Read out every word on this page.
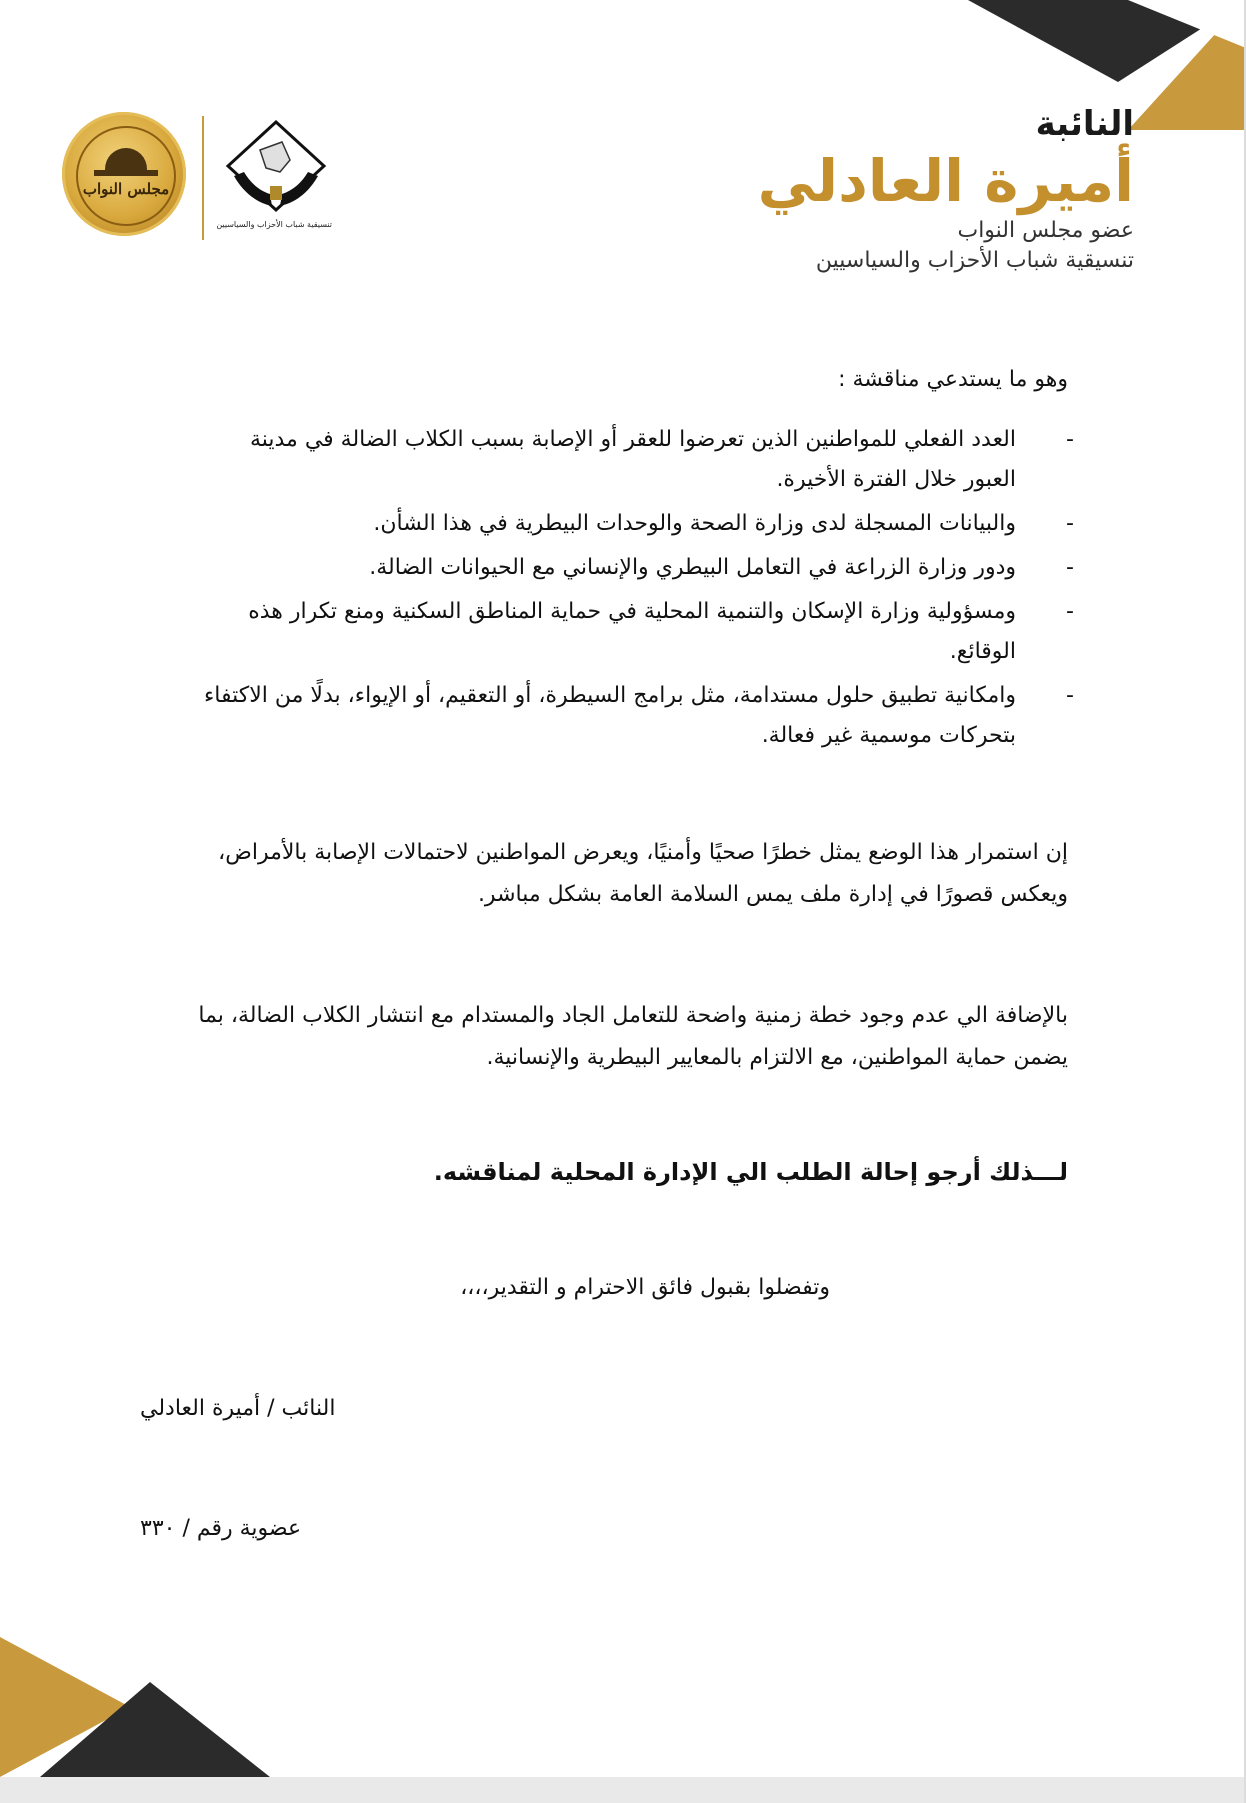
مجلس النواب
تنسيقية شباب الأحزاب والسياسيين

النائبة

أميرة العادلي

عضو مجلس النواب

تنسيقية شباب الأحزاب والسياسيين

وهو ما يستدعي مناقشة :
-
العدد الفعلي للمواطنين الذين تعرضوا للعقر أو الإصابة بسبب الكلاب الضالة في مدينة العبور خلال الفترة الأخيرة.
-
والبيانات المسجلة لدى وزارة الصحة والوحدات البيطرية في هذا الشأن.
-
ودور وزارة الزراعة في التعامل البيطري والإنساني مع الحيوانات الضالة.
-
ومسؤولية وزارة الإسكان والتنمية المحلية في حماية المناطق السكنية ومنع تكرار هذه الوقائع.
-
وامكانية تطبيق حلول مستدامة، مثل برامج السيطرة، أو التعقيم، أو الإيواء، بدلًا من الاكتفاء بتحركات موسمية غير فعالة.
إن استمرار هذا الوضع يمثل خطرًا صحيًا وأمنيًا، ويعرض المواطنين لاحتمالات الإصابة بالأمراض، ويعكس قصورًا في إدارة ملف يمس السلامة العامة بشكل مباشر.
بالإضافة الي عدم وجود خطة زمنية واضحة للتعامل الجاد والمستدام مع انتشار الكلاب الضالة، بما يضمن حماية المواطنين، مع الالتزام بالمعايير البيطرية والإنسانية.
لـــذلك أرجو إحالة الطلب الي الإدارة المحلية لمناقشه.
وتفضلوا بقبول فائق الاحترام و التقدير،،،،
النائب / أميرة العادلي
عضوية رقم / ٣٣٠
